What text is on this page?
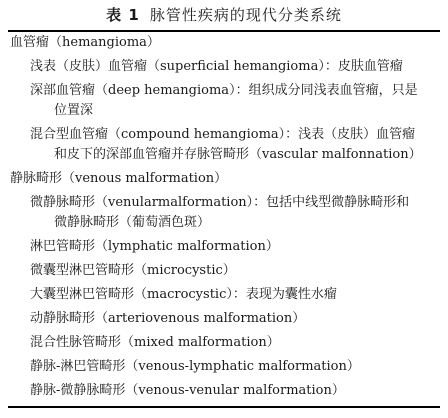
表 1 脉管性疾病的现代分类系统
血管瘤（hemangioma）
浅表（皮肤）血管瘤（superficial hemangioma）：皮肤血管瘤
深部血管瘤（deep hemangioma）：组织成分同浅表血管瘤，只是
位置深
混合型血管瘤（compound hemangioma）：浅表（皮肤）血管瘤
和皮下的深部血管瘤并存脉管畸形（vascular malfonnation）
静脉畸形（venous malformation）
微静脉畸形（venularmalformation）：包括中线型微静脉畸形和
微静脉畸形（葡萄酒色斑）
淋巴管畸形（lymphatic malformation）
微囊型淋巴管畸形（microcystic）
大囊型淋巴管畸形（macrocystic）：表现为囊性水瘤
动静脉畸形（arteriovenous malformation）
混合性脉管畸形（mixed malformation）
静脉-淋巴管畸形（venous-lymphatic malformation）
静脉-微静脉畸形（venous-venular malformation）
